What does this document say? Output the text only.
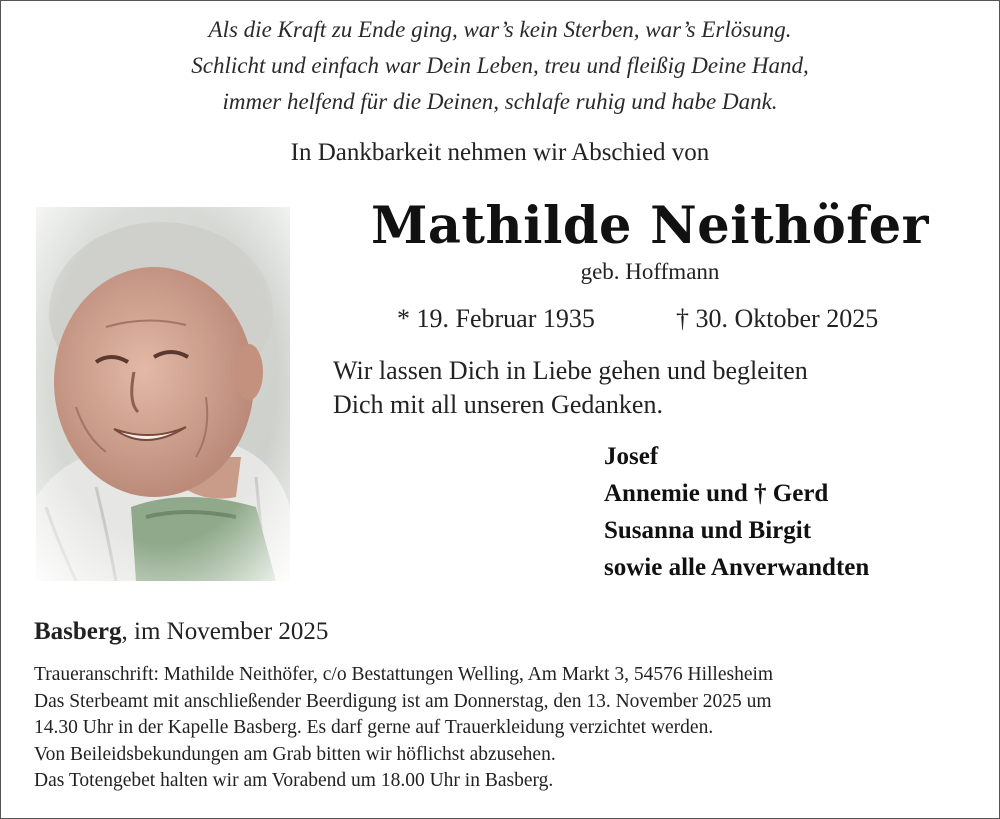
Als die Kraft zu Ende ging, war’s kein Sterben, war’s Erlösung.
Schlicht und einfach war Dein Leben, treu und fleißig Deine Hand,
immer helfend für die Deinen, schlafe ruhig und habe Dank.
In Dankbarkeit nehmen wir Abschied von
Mathilde Neithöfer
geb. Hoffmann
* 19. Februar 1935	† 30. Oktober 2025
Wir lassen Dich in Liebe gehen und begleiten
Dich mit all unseren Gedanken.
Josef
Annemie und † Gerd
Susanna und Birgit
sowie alle Anverwandten
Basberg, im November 2025
Traueranschrift: Mathilde Neithöfer, c/o Bestattungen Welling, Am Markt 3, 54576 Hillesheim
Das Sterbeamt mit anschließender Beerdigung ist am Donnerstag, den 13. November 2025 um
14.30 Uhr in der Kapelle Basberg. Es darf gerne auf Trauerkleidung verzichtet werden.
Von Beileidsbekundungen am Grab bitten wir höflichst abzusehen.
Das Totengebet halten wir am Vorabend um 18.00 Uhr in Basberg.
